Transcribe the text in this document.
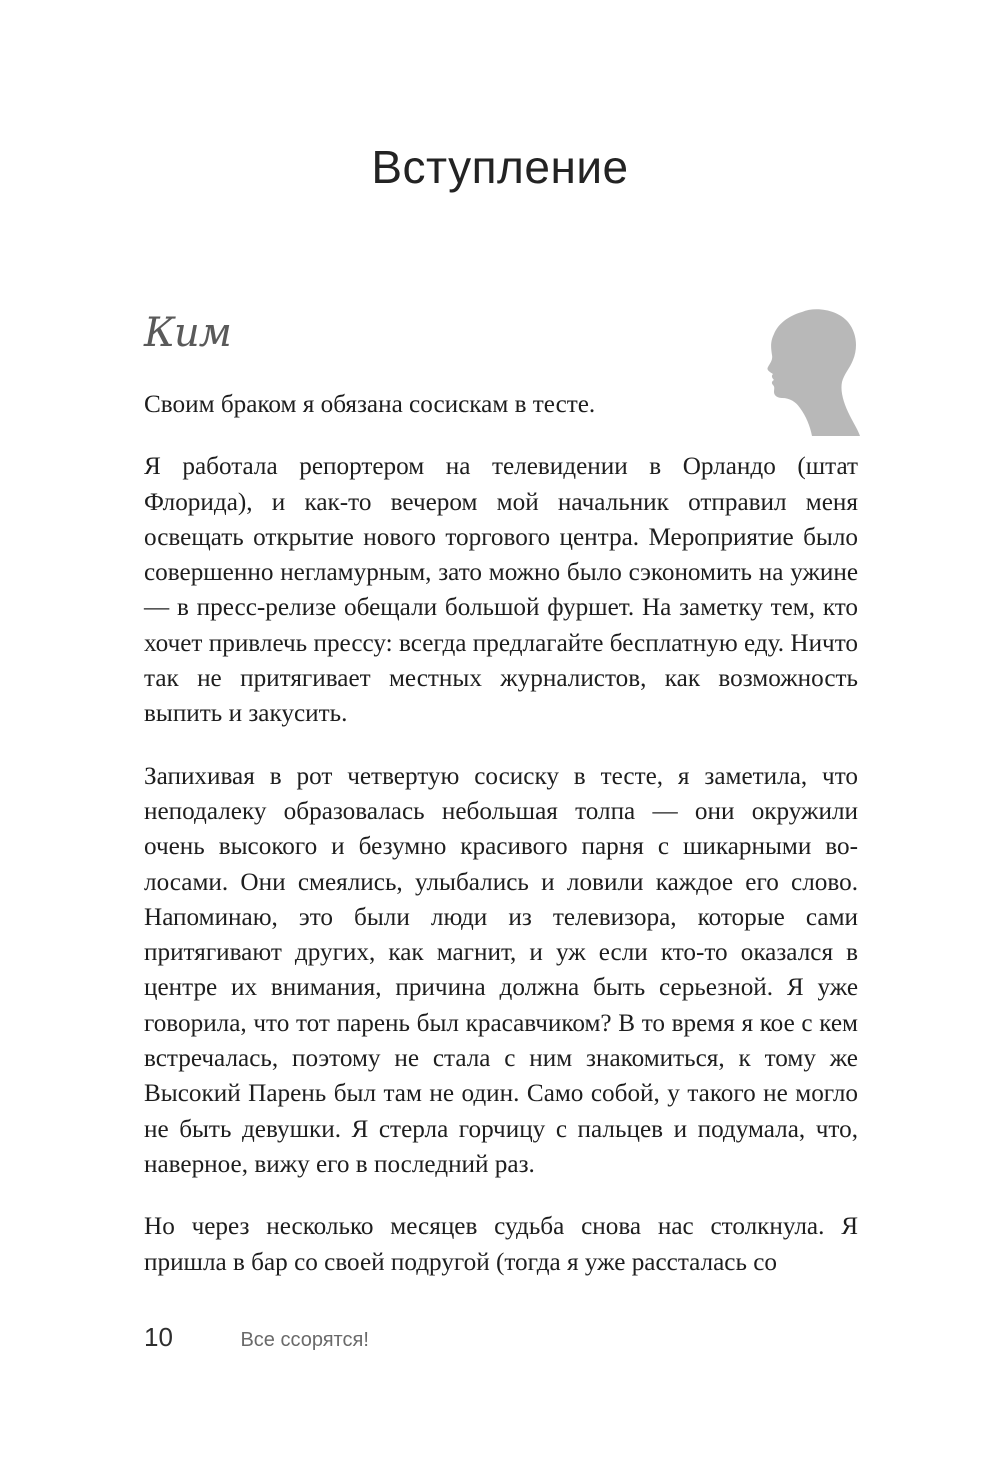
Вступление
Ким

Своим браком я обязана сосискам в тесте.

Я работала репортером на телевидении в Орландо (штат Флорида), и как-то вечером мой начальник отправил меня освещать открытие нового торгового центра. Мероприятие было совершенно негламурным, зато можно было сэкономить на ужине — в пресс-релизе обещали большой фуршет. На заметку тем, кто хочет привлечь прессу: всегда предлагайте бесплатную еду. Ничто так не притягивает местных журналистов, как возможность выпить и закусить.

Запихивая в рот четвертую сосиску в тесте, я заметила, что неподалеку образовалась небольшая толпа — они окружили очень высокого и безумно красивого парня с шикарными волосами. Они смеялись, улыбались и ловили каждое его слово. Напоминаю, это были люди из телевизора, которые сами притягивают других, как магнит, и уж если кто-то оказался в центре их внимания, причина должна быть серьезной. Я уже говорила, что тот парень был красавчиком? В то время я кое с кем встречалась, поэтому не стала с ним знакомиться, к тому же Высокий Парень был там не один. Само собой, у такого не могло не быть девушки. Я стерла горчицу с пальцев и подумала, что, наверное, вижу его в последний раз.

Но через несколько месяцев судьба снова нас столкнула. Я пришла в бар со своей подругой (тогда я уже рассталась со

10	Все ссорятся!
